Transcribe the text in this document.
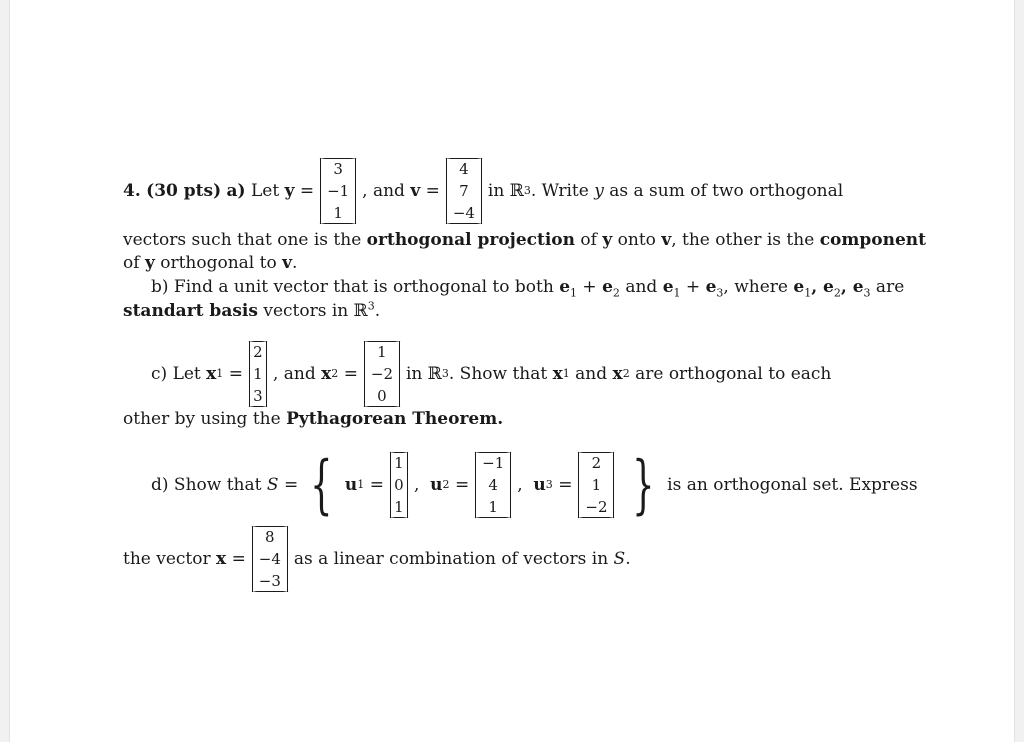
4.
(30 pts)
a)
Let
y
=
3
−1
1
, and
v
=
4
7
−4
in
ℝ 3 . Write
y
as a sum of two orthogonal
vectors such that one is the orthogonal projection of y onto v, the other is the component
of y orthogonal to v.
b) Find a unit vector that is orthogonal to both $e_1 + e_2$ and $e_1 + e_3$, where $e_1$, $e_2$, $e_3$ are
standart basis vectors in ℝ$^3$.
c)
Let
x 1
=
2
1
3
, and
x 2
=
1
−2
0
in
ℝ 3 . Show that
x 1
and
x 2
are orthogonal to each
other by using the Pythagorean Theorem.
d)
Show that
S
= { u 1
=
1
0
1
,
u 2
=
−1
4
1
,
u 3
=
2
1
−2 } is an orthogonal set. Express
the vector
x
=
8
−4
−3
as a linear combination of vectors in
S .
